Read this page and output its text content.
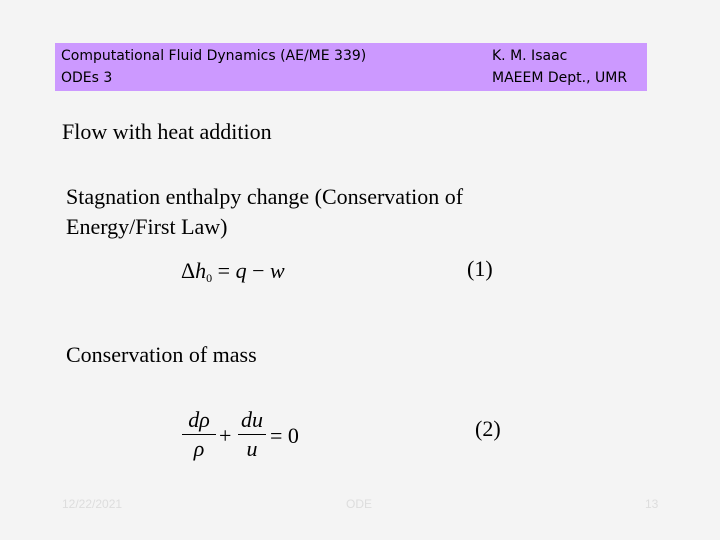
Computational Fluid Dynamics (AE/ME 339)
ODEs 3
K. M. Isaac
MAEEM Dept., UMR
Flow with heat addition
Stagnation enthalpy change (Conservation of Energy/First Law)
$\Delta h_0 = q - w$	(1)
Conservation of mass
dρ
ρ
+
du
u
= 0	(2)
12/22/2021	ODE	13
